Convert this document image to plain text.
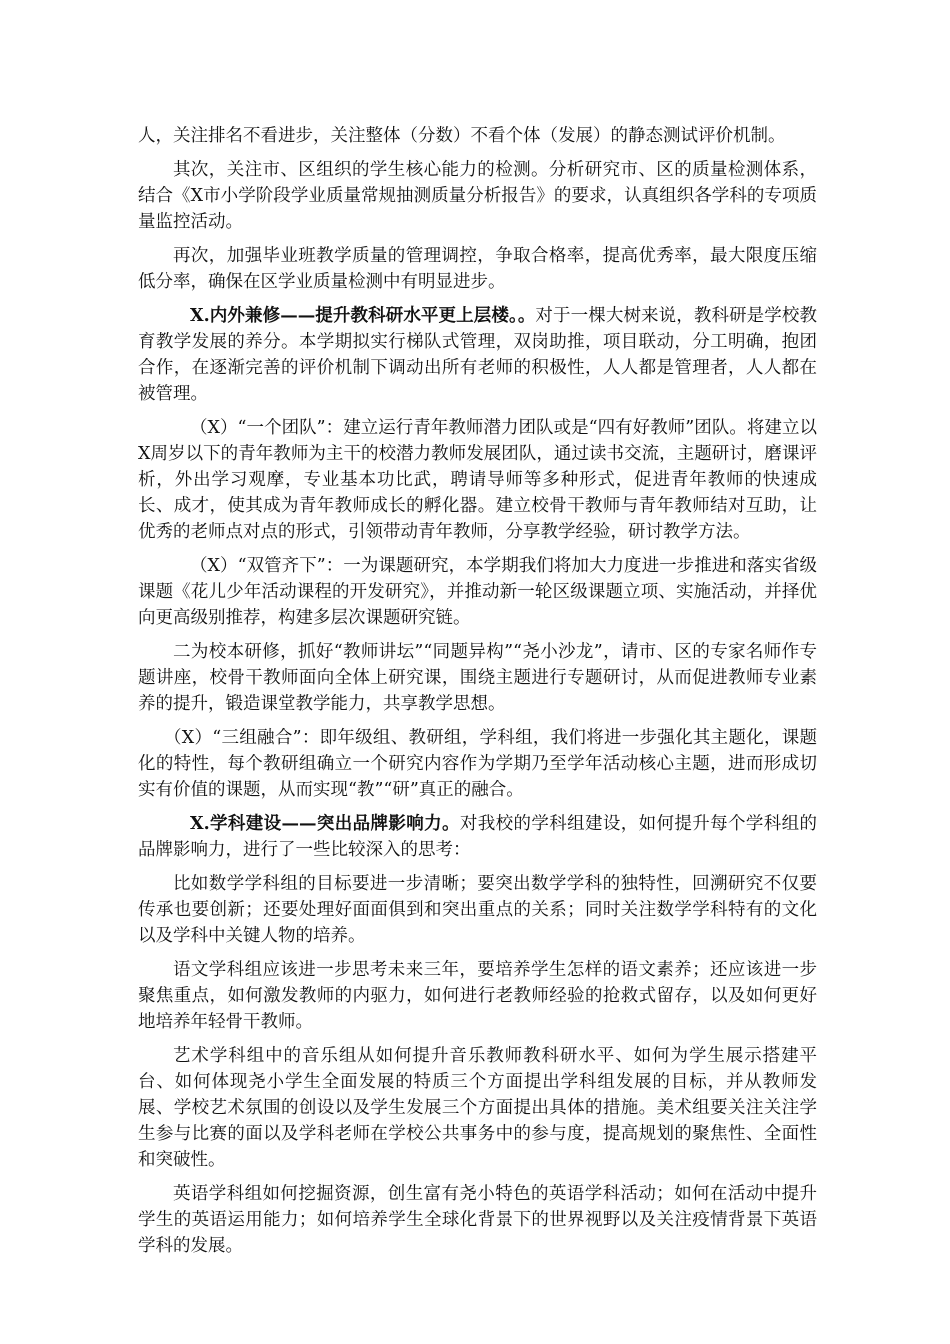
人，关注排名不看进步，关注整体（分数）不看个体（发展）的静态测试评价机制。

其次，关注市、区组织的学生核心能力的检测。分析研究市、区的质量检测体系，结合《X市小学阶段学业质量常规抽测质量分析报告》的要求，认真组织各学科的专项质量监控活动。

再次，加强毕业班教学质量的管理调控，争取合格率，提高优秀率，最大限度压缩低分率，确保在区学业质量检测中有明显进步。

X.内外兼修——提升教科研水平更上层楼。。对于一棵大树来说，教科研是学校教育教学发展的养分。本学期拟实行梯队式管理，双岗助推，项目联动，分工明确，抱团合作，在逐渐完善的评价机制下调动出所有老师的积极性，人人都是管理者，人人都在被管理。

（X）“一个团队”：建立运行青年教师潜力团队或是“四有好教师”团队。将建立以X周岁以下的青年教师为主干的校潜力教师发展团队，通过读书交流，主题研讨，磨课评析，外出学习观摩，专业基本功比武，聘请导师等多种形式，促进青年教师的快速成长、成才，使其成为青年教师成长的孵化器。建立校骨干教师与青年教师结对互助，让优秀的老师点对点的形式，引领带动青年教师，分享教学经验，研讨教学方法。

（X）“双管齐下”：一为课题研究，本学期我们将加大力度进一步推进和落实省级课题《花儿少年活动课程的开发研究》，并推动新一轮区级课题立项、实施活动，并择优向更高级别推荐，构建多层次课题研究链。

二为校本研修，抓好“教师讲坛”“同题异构”“尧小沙龙”，请市、区的专家名师作专题讲座，校骨干教师面向全体上研究课，围绕主题进行专题研讨，从而促进教师专业素养的提升，锻造课堂教学能力，共享教学思想。

（X）“三组融合”：即年级组、教研组，学科组，我们将进一步强化其主题化，课题化的特性，每个教研组确立一个研究内容作为学期乃至学年活动核心主题，进而形成切实有价值的课题，从而实现“教”“研”真正的融合。

X.学科建设——突出品牌影响力。对我校的学科组建设，如何提升每个学科组的品牌影响力，进行了一些比较深入的思考：

比如数学学科组的目标要进一步清晰；要突出数学学科的独特性，回溯研究不仅要传承也要创新；还要处理好面面俱到和突出重点的关系；同时关注数学学科特有的文化以及学科中关键人物的培养。

语文学科组应该进一步思考未来三年，要培养学生怎样的语文素养；还应该进一步聚焦重点，如何激发教师的内驱力，如何进行老教师经验的抢救式留存，以及如何更好地培养年轻骨干教师。

艺术学科组中的音乐组从如何提升音乐教师教科研水平、如何为学生展示搭建平台、如何体现尧小学生全面发展的特质三个方面提出学科组发展的目标，并从教师发展、学校艺术氛围的创设以及学生发展三个方面提出具体的措施。美术组要关注关注学生参与比赛的面以及学科老师在学校公共事务中的参与度，提高规划的聚焦性、全面性和突破性。

英语学科组如何挖掘资源，创生富有尧小特色的英语学科活动；如何在活动中提升学生的英语运用能力；如何培养学生全球化背景下的世界视野以及关注疫情背景下英语学科的发展。
